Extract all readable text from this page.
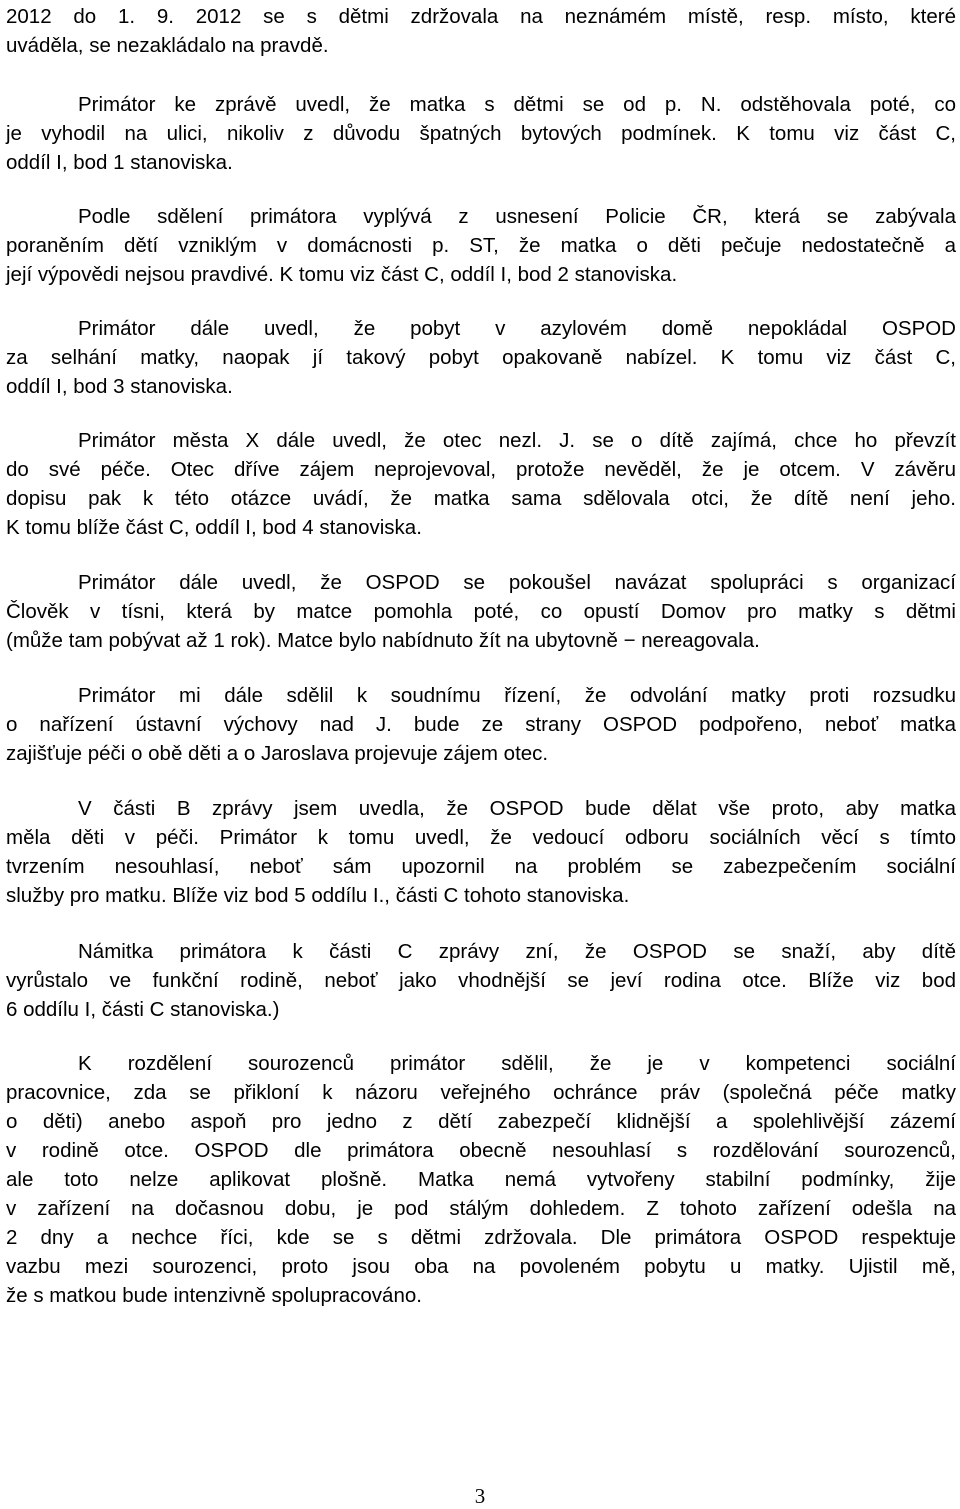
2012 do 1. 9. 2012 se s dětmi zdržovala na neznámém místě, resp. místo, které
uváděla, se nezakládalo na pravdě.
Primátor ke zprávě uvedl, že matka s dětmi se od p. N. odstěhovala poté, co
je vyhodil na ulici, nikoliv z důvodu špatných bytových podmínek. K tomu viz část C,
oddíl I, bod 1 stanoviska.
Podle sdělení primátora vyplývá z usnesení Policie ČR, která se zabývala
poraněním dětí vzniklým v domácnosti p. ST, že matka o děti pečuje nedostatečně a
její výpovědi nejsou pravdivé. K tomu viz část C, oddíl I, bod 2 stanoviska.
Primátor dále uvedl, že pobyt v azylovém domě nepokládal OSPOD
za selhání matky, naopak jí takový pobyt opakovaně nabízel. K tomu viz část C,
oddíl I, bod 3 stanoviska.
Primátor města X dále uvedl, že otec nezl. J. se o dítě zajímá, chce ho převzít
do své péče. Otec dříve zájem neprojevoval, protože nevěděl, že je otcem. V závěru
dopisu pak k této otázce uvádí, že matka sama sdělovala otci, že dítě není jeho.
K tomu blíže část C, oddíl I, bod 4 stanoviska.
Primátor dále uvedl, že OSPOD se pokoušel navázat spolupráci s organizací
Člověk v tísni, která by matce pomohla poté, co opustí Domov pro matky s dětmi
(může tam pobývat až 1 rok). Matce bylo nabídnuto žít na ubytovně − nereagovala.
Primátor mi dále sdělil k soudnímu řízení, že odvolání matky proti rozsudku
o nařízení ústavní výchovy nad J. bude ze strany OSPOD podpořeno, neboť matka
zajišťuje péči o obě děti a o Jaroslava projevuje zájem otec.
V části B zprávy jsem uvedla, že OSPOD bude dělat vše proto, aby matka
měla děti v péči. Primátor k tomu uvedl, že vedoucí odboru sociálních věcí s tímto
tvrzením nesouhlasí, neboť sám upozornil na problém se zabezpečením sociální
služby pro matku. Blíže viz bod 5 oddílu I., části C tohoto stanoviska.
Námitka primátora k části C zprávy zní, že OSPOD se snaží, aby dítě
vyrůstalo ve funkční rodině, neboť jako vhodnější se jeví rodina otce. Blíže viz bod
6 oddílu I, části C stanoviska.)
K rozdělení sourozenců primátor sdělil, že je v kompetenci sociální
pracovnice, zda se přikloní k názoru veřejného ochránce práv (společná péče matky
o děti) anebo aspoň pro jedno z dětí zabezpečí klidnější a spolehlivější zázemí
v rodině otce. OSPOD dle primátora obecně nesouhlasí s rozdělování sourozenců,
ale toto nelze aplikovat plošně. Matka nemá vytvořeny stabilní podmínky, žije
v zařízení na dočasnou dobu, je pod stálým dohledem. Z tohoto zařízení odešla na
2 dny a nechce říci, kde se s dětmi zdržovala. Dle primátora OSPOD respektuje
vazbu mezi sourozenci, proto jsou oba na povoleném pobytu u matky. Ujistil mě,
že s matkou bude intenzivně spolupracováno.
3
